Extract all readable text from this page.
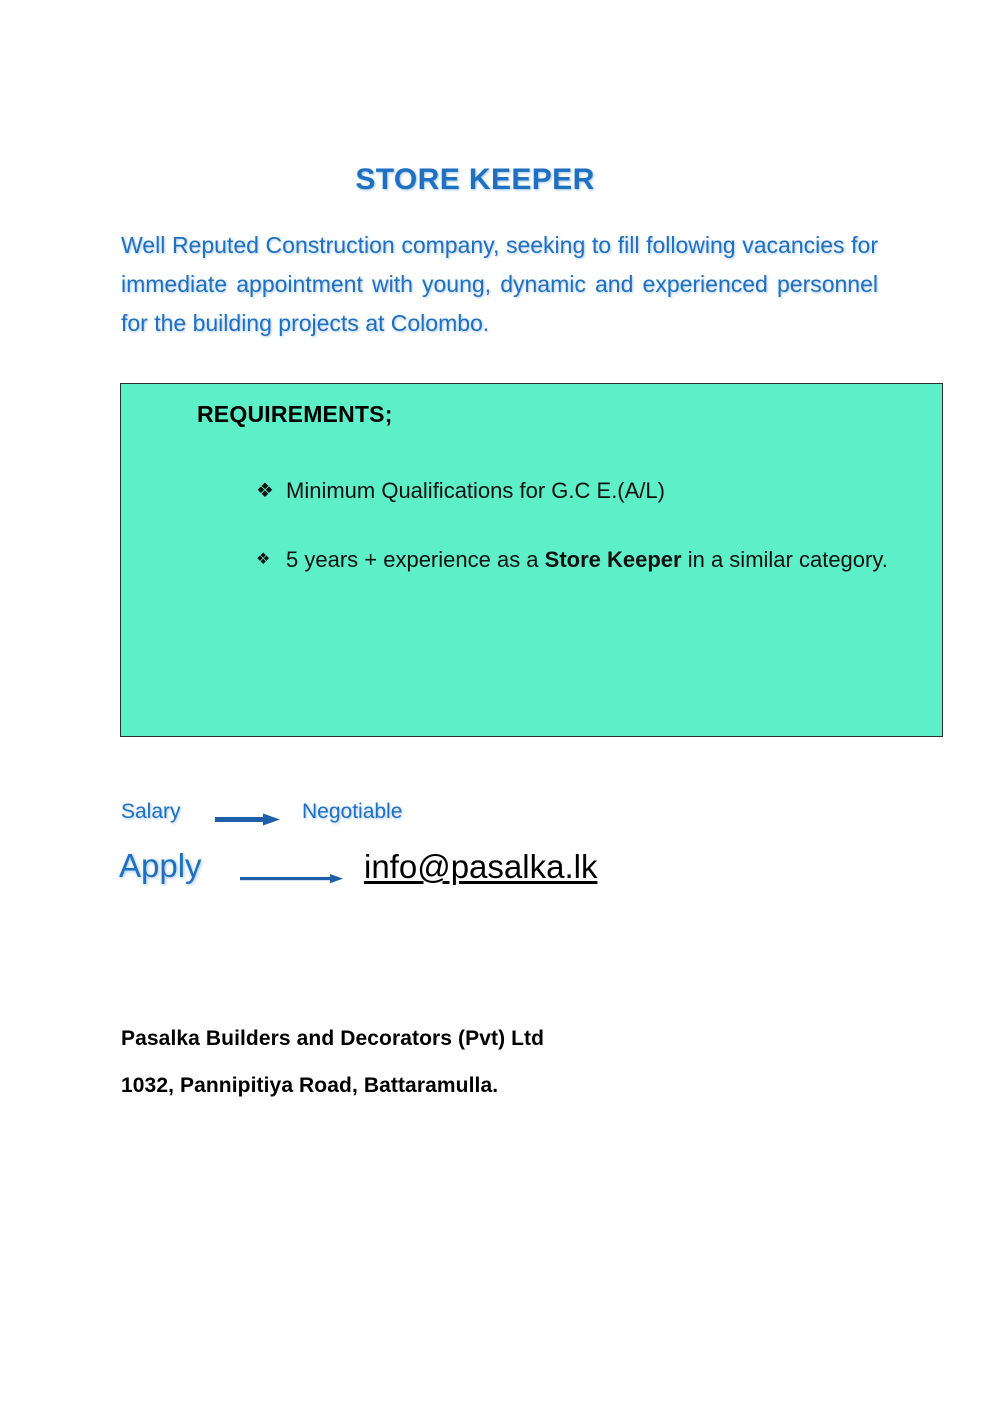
STORE KEEPER
Well Reputed Construction company, seeking to fill following vacancies for immediate appointment with young, dynamic and experienced personnel for the building projects at Colombo.
REQUIREMENTS;
❖ Minimum Qualifications for G.C E.(A/L)
❖ 5 years + experience as a Store Keeper in a similar category.
Salary	Negotiable
Apply	info@pasalka.lk
Pasalka Builders and Decorators (Pvt) Ltd
1032, Pannipitiya Road, Battaramulla.
